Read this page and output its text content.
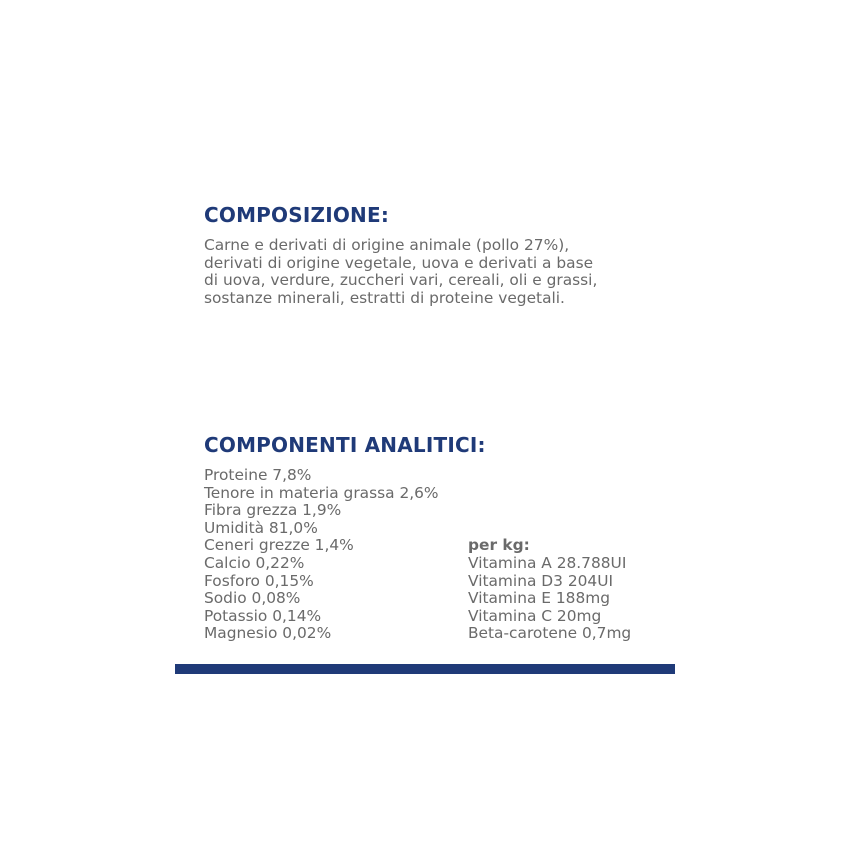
COMPOSIZIONE:
Carne e derivati di origine animale (pollo 27%),
derivati di origine vegetale, uova e derivati a base
di uova, verdure, zuccheri vari, cereali, oli e grassi,
sostanze minerali, estratti di proteine vegetali.
COMPONENTI ANALITICI:
Proteine 7,8%
Tenore in materia grassa 2,6%
Fibra grezza 1,9%
Umidità 81,0%
Ceneri grezze 1,4%
Calcio 0,22%
Fosforo 0,15%
Sodio 0,08%
Potassio 0,14%
Magnesio 0,02%
per kg:
Vitamina A 28.788UI
Vitamina D3 204UI
Vitamina E 188mg
Vitamina C 20mg
Beta-carotene 0,7mg
